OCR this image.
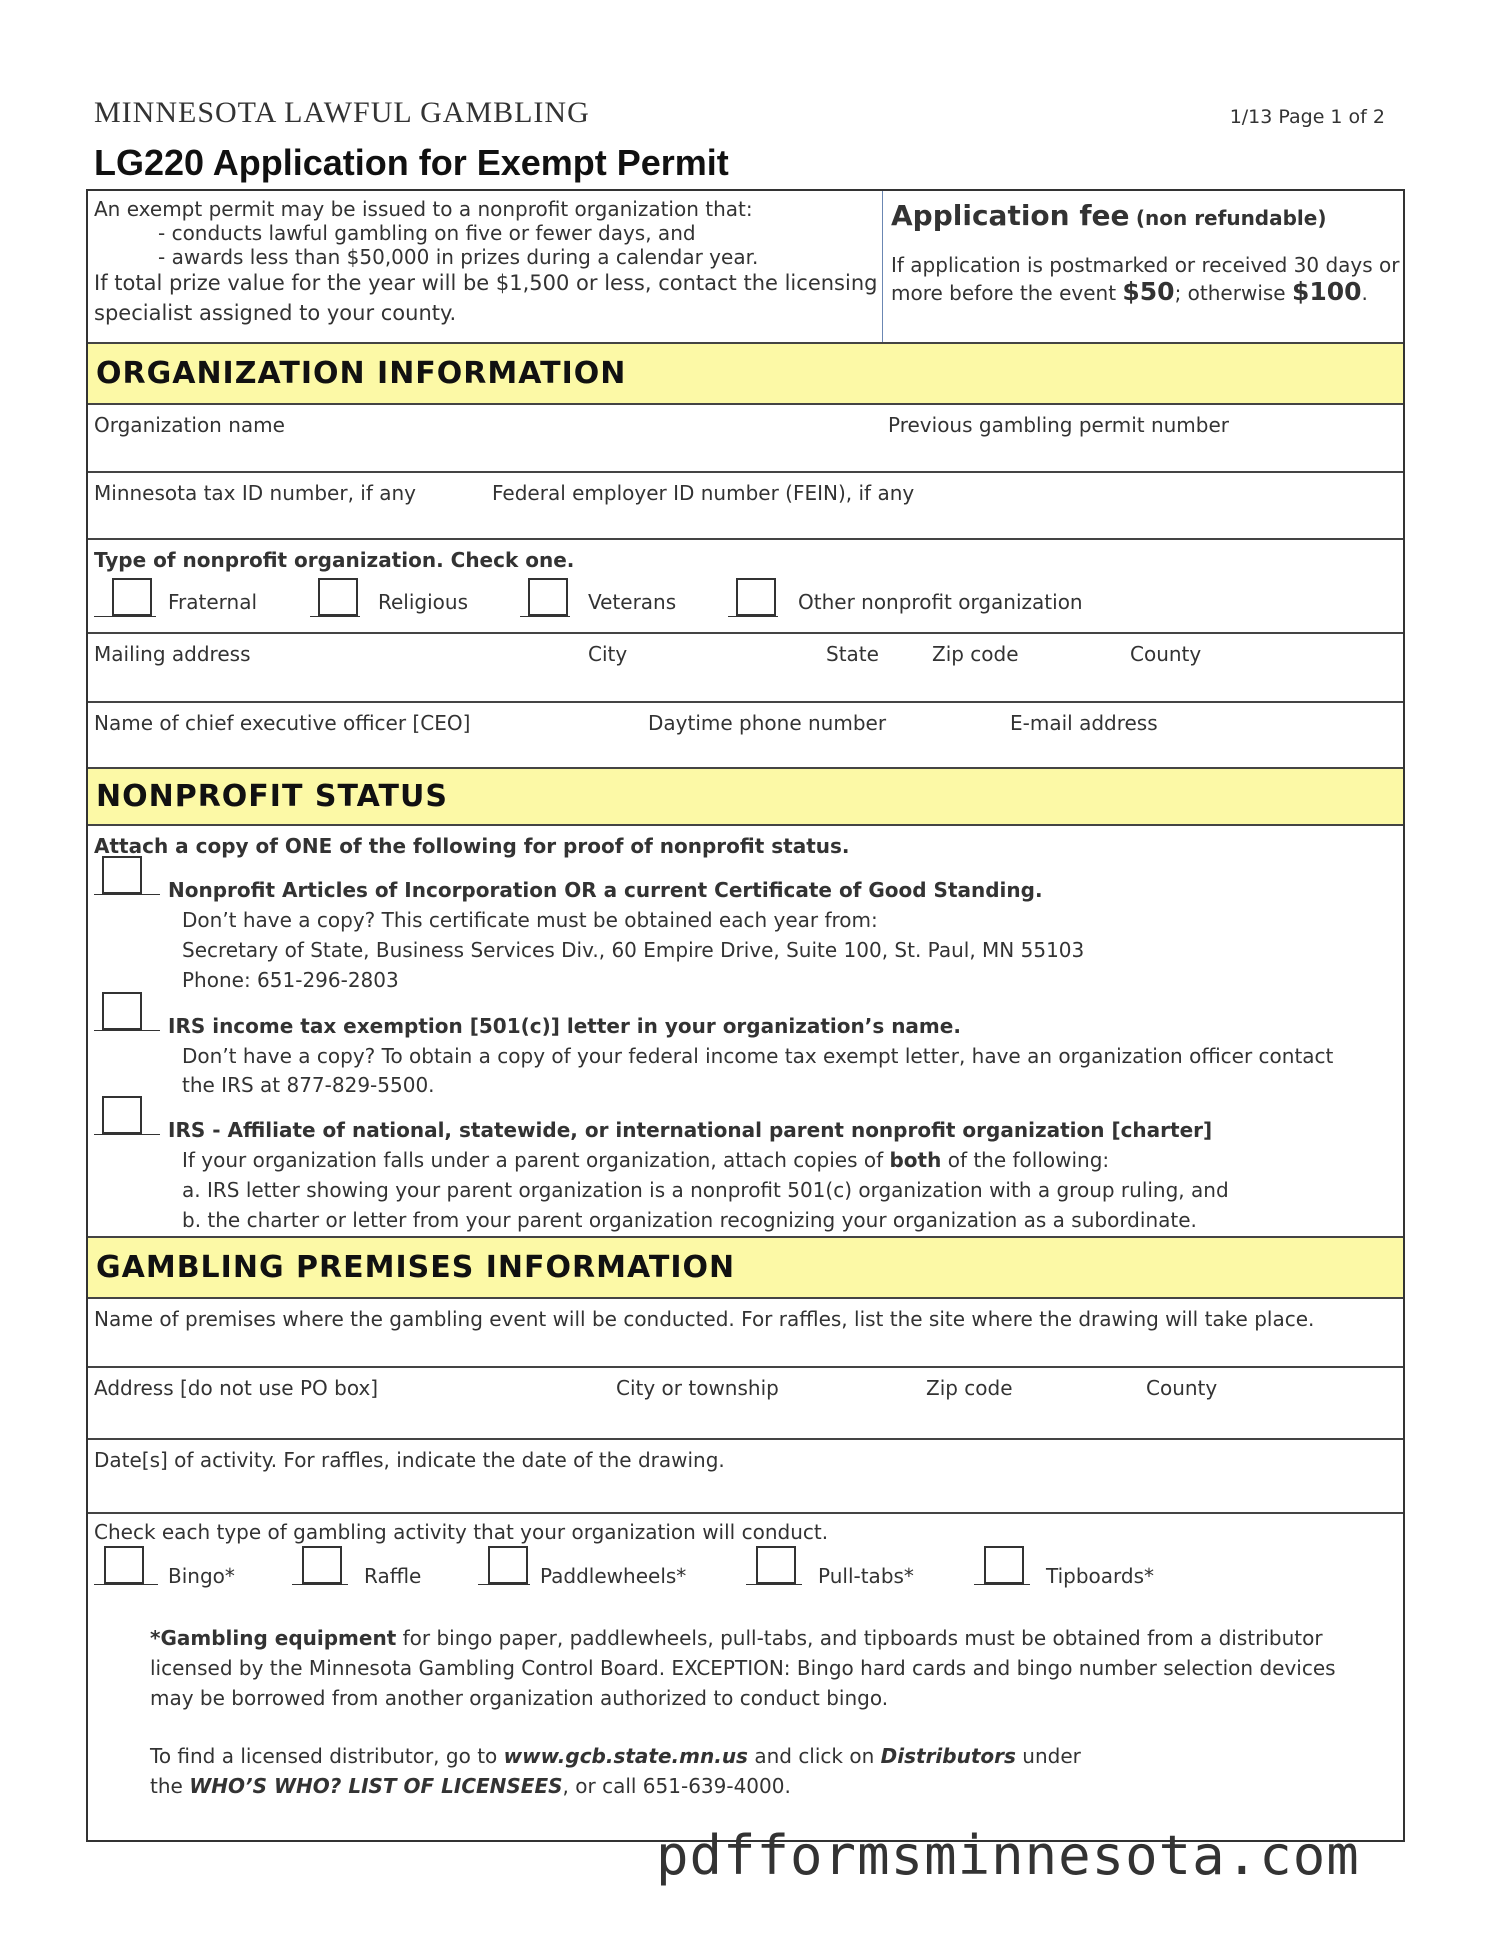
MINNESOTA LAWFUL GAMBLING	1/13 Page 1 of 2
LG220 Application for Exempt Permit
An exempt permit may be issued to a nonprofit organization that:
- conducts lawful gambling on five or fewer days, and
- awards less than $50,000 in prizes during a calendar year.
If total prize value for the year will be $1,500 or less, contact the licensing
specialist assigned to your county.
Application fee (non refundable)
If application is postmarked or received 30 days or
more before the event $50; otherwise $100.
ORGANIZATION INFORMATION
Organization name	Previous gambling permit number
Minnesota tax ID number, if any	Federal employer ID number (FEIN), if any
Type of nonprofit organization. Check one.
Fraternal	Religious	Veterans	Other nonprofit organization
Mailing address	City	State	Zip code	County
Name of chief executive officer [CEO]	Daytime phone number	E-mail address
NONPROFIT STATUS
Attach a copy of ONE of the following for proof of nonprofit status.
Nonprofit Articles of Incorporation OR a current Certificate of Good Standing.
Don’t have a copy? This certificate must be obtained each year from:
Secretary of State, Business Services Div., 60 Empire Drive, Suite 100, St. Paul, MN 55103
Phone: 651-296-2803
IRS income tax exemption [501(c)] letter in your organization’s name.
Don’t have a copy? To obtain a copy of your federal income tax exempt letter, have an organization officer contact
the IRS at 877-829-5500.
IRS - Affiliate of national, statewide, or international parent nonprofit organization [charter]
If your organization falls under a parent organization, attach copies of both of the following:
a. IRS letter showing your parent organization is a nonprofit 501(c) organization with a group ruling, and
b. the charter or letter from your parent organization recognizing your organization as a subordinate.
GAMBLING PREMISES INFORMATION
Name of premises where the gambling event will be conducted. For raffles, list the site where the drawing will take place.
Address [do not use PO box]	City or township	Zip code	County
Date[s] of activity. For raffles, indicate the date of the drawing.
Check each type of gambling activity that your organization will conduct.
Bingo*	Raffle	Paddlewheels*	Pull-tabs*	Tipboards*
*Gambling equipment for bingo paper, paddlewheels, pull-tabs, and tipboards must be obtained from a distributor
licensed by the Minnesota Gambling Control Board. EXCEPTION: Bingo hard cards and bingo number selection devices
may be borrowed from another organization authorized to conduct bingo.
To find a licensed distributor, go to www.gcb.state.mn.us and click on Distributors under
the WHO’S WHO? LIST OF LICENSEES, or call 651-639-4000.
pdfformsminnesota.com
